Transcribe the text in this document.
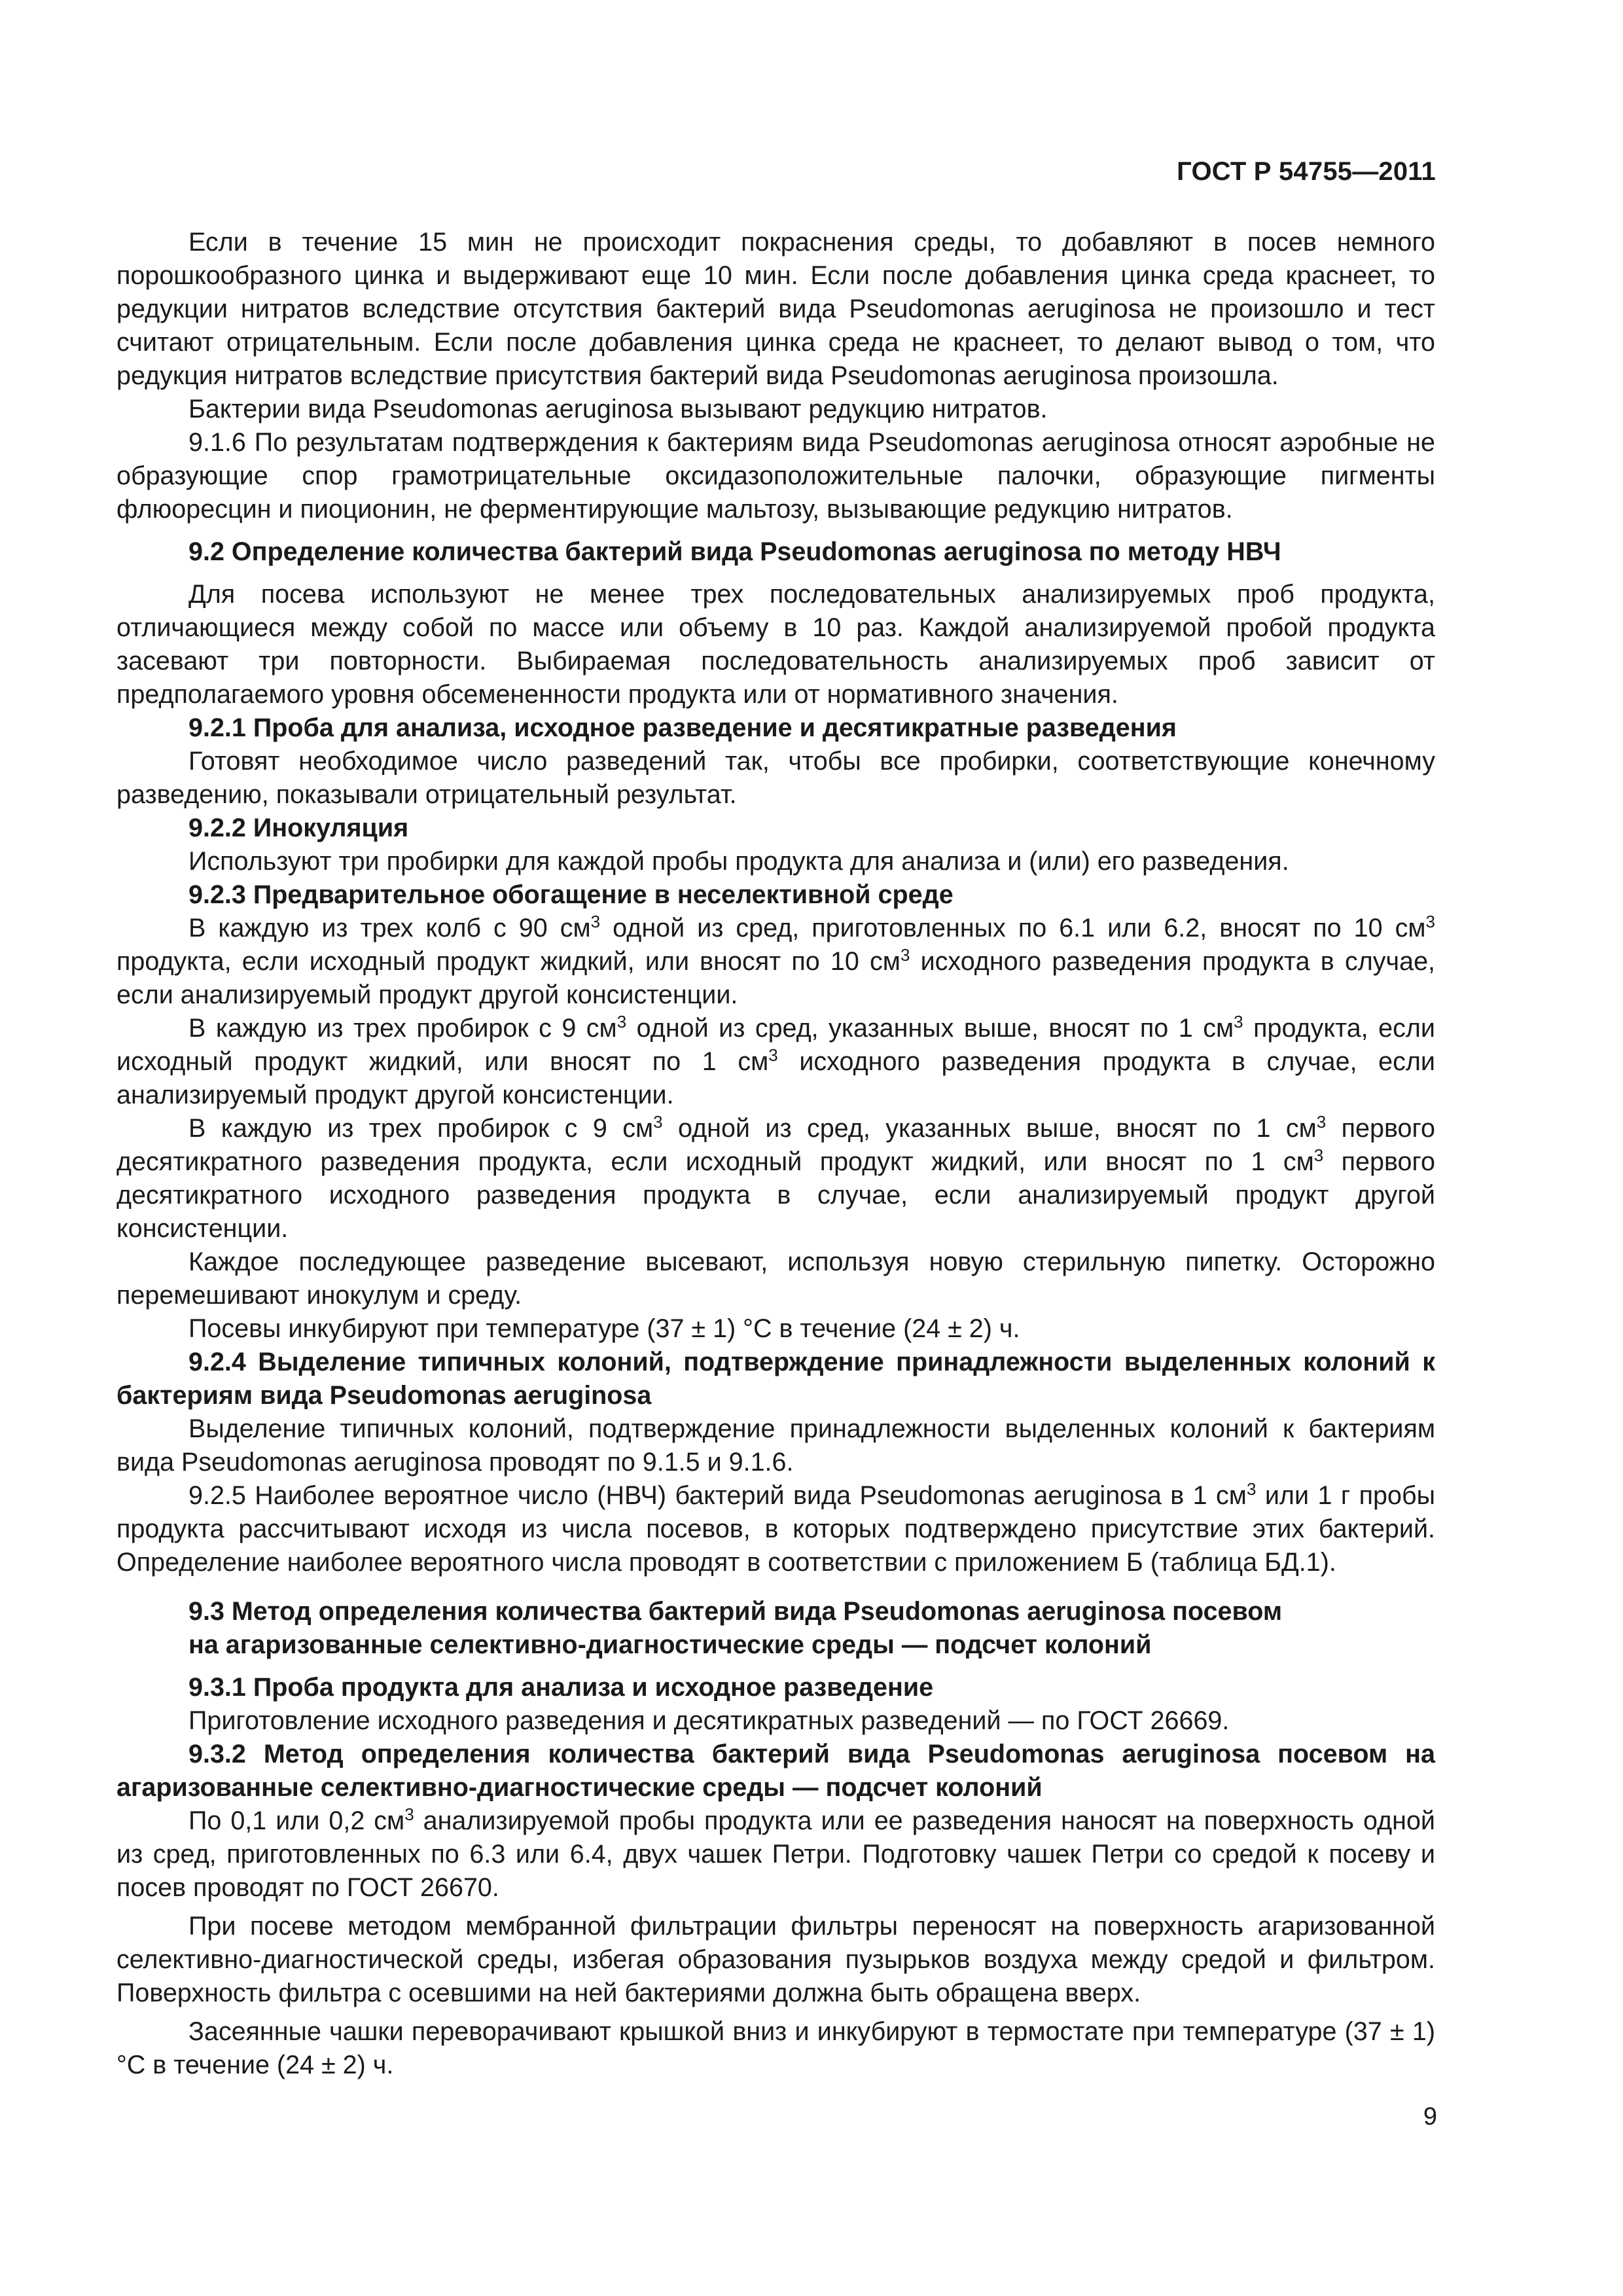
ГОСТ Р 54755—2011

Если в течение 15 мин не происходит покраснения среды, то добавляют в посев немного порошкообразного цинка и выдерживают еще 10 мин. Если после добавления цинка среда краснеет, то редукции нитратов вследствие отсутствия бактерий вида Pseudomonas aeruginosa не произошло и тест считают отрицательным. Если после добавления цинка среда не краснеет, то делают вывод о том, что редукция нитратов вследствие присутствия бактерий вида Pseudomonas aeruginosa произошла.

Бактерии вида Pseudomonas aeruginosa вызывают редукцию нитратов.

9.1.6 По результатам подтверждения к бактериям вида Pseudomonas aeruginosa относят аэробные не образующие спор грамотрицательные оксидазоположительные палочки, образующие пигменты флюоресцин и пиоционин, не ферментирующие мальтозу, вызывающие редукцию нитратов.

9.2 Определение количества бактерий вида Pseudomonas aeruginosa по методу НВЧ

Для посева используют не менее трех последовательных анализируемых проб продукта, отличающиеся между собой по массе или объему в 10 раз. Каждой анализируемой пробой продукта засевают три повторности. Выбираемая последовательность анализируемых проб зависит от предполагаемого уровня обсемененности продукта или от нормативного значения.

9.2.1 Проба для анализа, исходное разведение и десятикратные разведения

Готовят необходимое число разведений так, чтобы все пробирки, соответствующие конечному разведению, показывали отрицательный результат.

9.2.2 Инокуляция

Используют три пробирки для каждой пробы продукта для анализа и (или) его разведения.

9.2.3 Предварительное обогащение в неселективной среде

В каждую из трех колб с 90 $см^3$ одной из сред, приготовленных по 6.1 или 6.2, вносят по 10 $см^3$ продукта, если исходный продукт жидкий, или вносят по 10 $см^3$ исходного разведения продукта в случае, если анализируемый продукт другой консистенции.

В каждую из трех пробирок с 9 $см^3$ одной из сред, указанных выше, вносят по 1 $см^3$ продукта, если исходный продукт жидкий, или вносят по 1 $см^3$ исходного разведения продукта в случае, если анализируемый продукт другой консистенции.

В каждую из трех пробирок с 9 $см^3$ одной из сред, указанных выше, вносят по 1 $см^3$ первого десятикратного разведения продукта, если исходный продукт жидкий, или вносят по 1 $см^3$ первого десятикратного исходного разведения продукта в случае, если анализируемый продукт другой консистенции.

Каждое последующее разведение высевают, используя новую стерильную пипетку. Осторожно перемешивают инокулум и среду.

Посевы инкубируют при температуре (37 ± 1) °С в течение (24 ± 2) ч.

9.2.4 Выделение типичных колоний, подтверждение принадлежности выделенных колоний к бактериям вида Pseudomonas aeruginosa

Выделение типичных колоний, подтверждение принадлежности выделенных колоний к бактериям вида Pseudomonas aeruginosa проводят по 9.1.5 и 9.1.6.

9.2.5 Наиболее вероятное число (НВЧ) бактерий вида Pseudomonas aeruginosa в 1 $см^3$ или 1 г пробы продукта рассчитывают исходя из числа посевов, в которых подтверждено присутствие этих бактерий. Определение наиболее вероятного числа проводят в соответствии с приложением Б (таблица БД.1).

9.3 Метод определения количества бактерий вида Pseudomonas aeruginosa посевом
на агаризованные селективно-диагностические среды — подсчет колоний
9.3.1 Проба продукта для анализа и исходное разведение

Приготовление исходного разведения и десятикратных разведений — по ГОСТ 26669.

9.3.2 Метод определения количества бактерий вида Pseudomonas aeruginosa посевом на агаризованные селективно-диагностические среды — подсчет колоний

По 0,1 или 0,2 $см^3$ анализируемой пробы продукта или ее разведения наносят на поверхность одной из сред, приготовленных по 6.3 или 6.4, двух чашек Петри. Подготовку чашек Петри со средой к посеву и посев проводят по ГОСТ 26670.

При посеве методом мембранной фильтрации фильтры переносят на поверхность агаризованной селективно-диагностической среды, избегая образования пузырьков воздуха между средой и фильтром. Поверхность фильтра с осевшими на ней бактериями должна быть обращена вверх.

Засеянные чашки переворачивают крышкой вниз и инкубируют в термостате при температуре (37 ± 1) °С в течение (24 ± 2) ч.

9
